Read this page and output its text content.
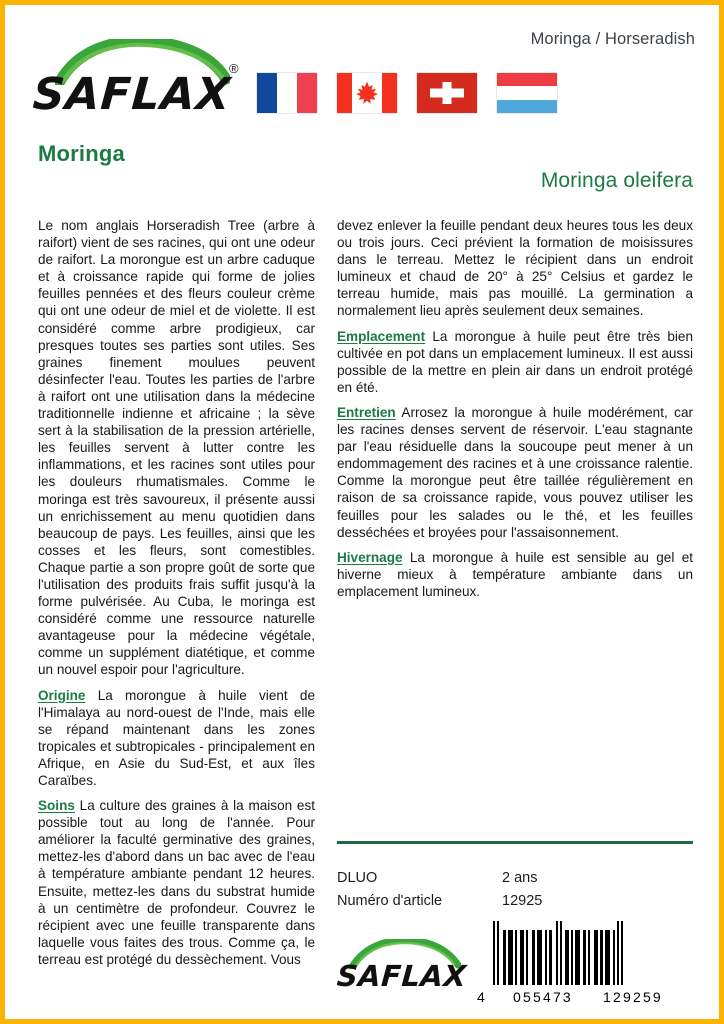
SAFLAX
®
Moringa / Horseradish
Moringa
Moringa oleifera

Le nom anglais Horseradish Tree (arbre à raifort) vient de ses racines, qui ont une odeur de raifort. La morongue est un arbre caduque et à croissance rapide qui forme de jolies feuilles pennées et des fleurs couleur crème qui ont une odeur de miel et de violette. Il est considéré comme arbre prodigieux, car presques toutes ses parties sont utiles. Ses graines finement moulues peuvent désinfecter l'eau. Toutes les parties de l'arbre à raifort ont une utilisation dans la médecine traditionnelle indienne et africaine ; la sève sert à la stabilisation de la pression artérielle, les feuilles servent à lutter contre les inflammations, et les racines sont utiles pour les douleurs rhumatismales. Comme le moringa est très savoureux, il présente aussi un enrichissement au menu quotidien dans beaucoup de pays. Les feuilles, ainsi que les cosses et les fleurs, sont comestibles. Chaque partie a son propre goût de sorte que l'utilisation des produits frais suffit jusqu'à la forme pulvérisée. Au Cuba, le moringa est considéré comme une ressource naturelle avantageuse pour la médecine végétale, comme un supplément diatétique, et comme un nouvel espoir pour l'agriculture.

Origine La morongue à huile vient de l'Himalaya au nord-ouest de l'Inde, mais elle se répand maintenant dans les zones tropicales et subtropicales - principalement en Afrique, en Asie du Sud-Est, et aux îles Caraïbes.

Soins La culture des graines à la maison est possible tout au long de l'année. Pour améliorer la faculté germinative des graines, mettez-les d'abord dans un bac avec de l'eau à température ambiante pendant 12 heures. Ensuite, mettez-les dans du substrat humide à un centimètre de profondeur. Couvrez le récipient avec une feuille transparente dans laquelle vous faites des trous. Comme ça, le terreau est protégé du dessèchement. Vous

devez enlever la feuille pendant deux heures tous les deux ou trois jours. Ceci prévient la formation de moisissures dans le terreau. Mettez le récipient dans un endroit lumineux et chaud de 20° à 25° Celsius et gardez le terreau humide, mais pas mouillé. La germination a normalement lieu après seulement deux semaines.

Emplacement La morongue à huile peut être très bien cultivée en pot dans un emplacement lumineux. Il est aussi possible de la mettre en plein air dans un endroit protégé en été.

Entretien Arrosez la morongue à huile modérément, car les racines denses servent de réservoir. L'eau stagnante par l'eau résiduelle dans la soucoupe peut mener à un endommagement des racines et à une croissance ralentie. Comme la morongue peut être taillée régulièrement en raison de sa croissance rapide, vous pouvez utiliser les feuilles pour les salades ou le thé, et les feuilles desséchées et broyées pour l'assaisonnement.

Hivernage La morongue à huile est sensible au gel et hiverne mieux à température ambiante dans un emplacement lumineux.

DLUO	2 ans
Numéro d'article	12925
SAFLAX
4 055473 129259
